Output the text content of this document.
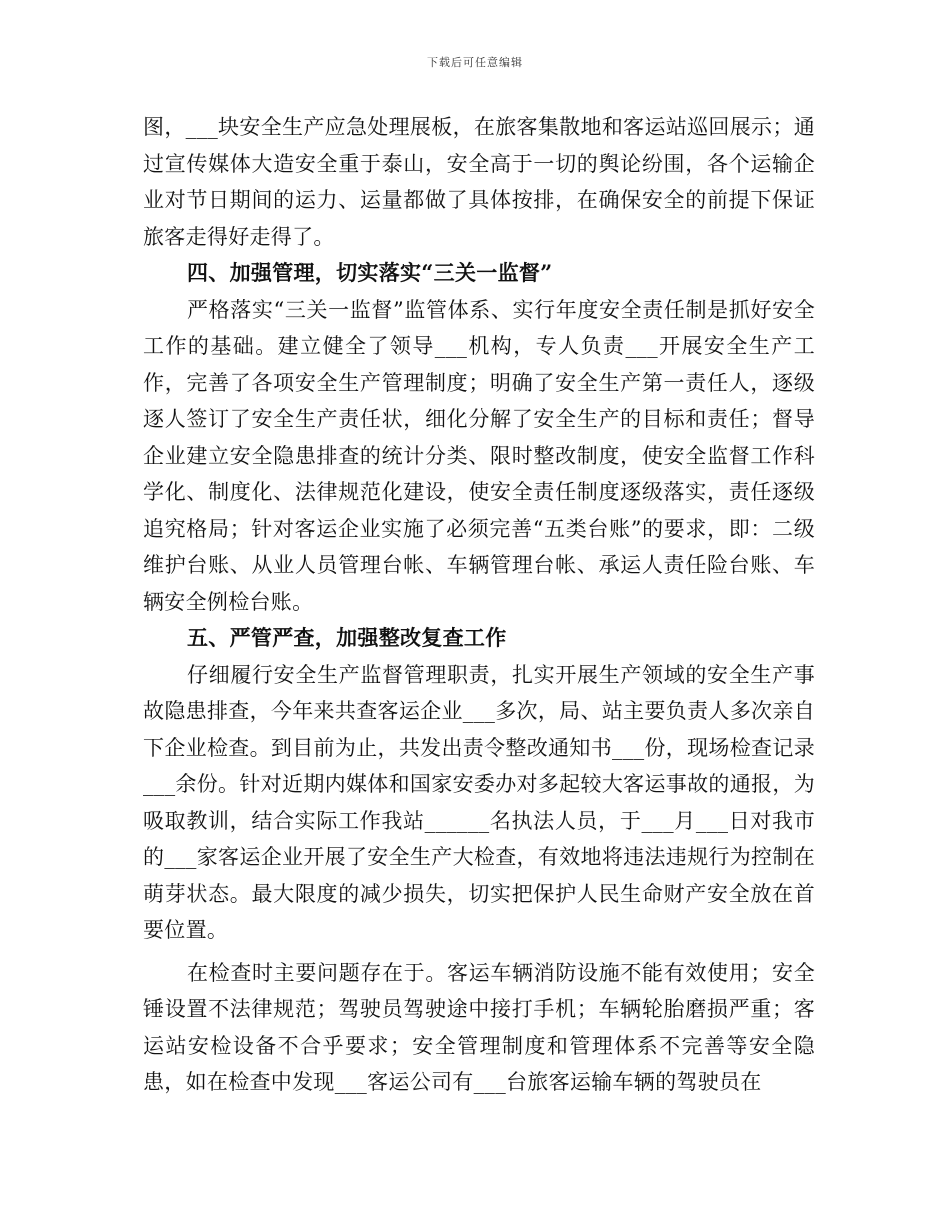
下载后可任意编辑

图，___块安全生产应急处理展板，在旅客集散地和客运站巡回展示；通过宣传媒体大造安全重于泰山，安全高于一切的舆论纷围，各个运输企业对节日期间的运力、运量都做了具体按排，在确保安全的前提下保证旅客走得好走得了。

四、加强管理，切实落实“三关一监督”

严格落实“三关一监督”监管体系、实行年度安全责任制是抓好安全工作的基础。建立健全了领导___机构，专人负责___开展安全生产工作，完善了各项安全生产管理制度；明确了安全生产第一责任人，逐级逐人签订了安全生产责任状，细化分解了安全生产的目标和责任；督导企业建立安全隐患排查的统计分类、限时整改制度，使安全监督工作科学化、制度化、法律规范化建设，使安全责任制度逐级落实，责任逐级追究格局；针对客运企业实施了必须完善“五类台账”的要求，即：二级维护台账、从业人员管理台帐、车辆管理台帐、承运人责任险台账、车辆安全例检台账。

五、严管严查，加强整改复查工作

仔细履行安全生产监督管理职责，扎实开展生产领域的安全生产事故隐患排查，今年来共查客运企业___多次，局、站主要负责人多次亲自下企业检查。到目前为止，共发出责令整改通知书___份，现场检查记录___余份。针对近期内媒体和国家安委办对多起较大客运事故的通报，为吸取教训，结合实际工作我站______名执法人员，于___月___日对我市的___家客运企业开展了安全生产大检查，有效地将违法违规行为控制在萌芽状态。最大限度的减少损失，切实把保护人民生命财产安全放在首要位置。

在检查时主要问题存在于。客运车辆消防设施不能有效使用；安全锤设置不法律规范；驾驶员驾驶途中接打手机；车辆轮胎磨损严重；客运站安检设备不合乎要求；安全管理制度和管理体系不完善等安全隐患，如在检查中发现___客运公司有___台旅客运输车辆的驾驶员在
